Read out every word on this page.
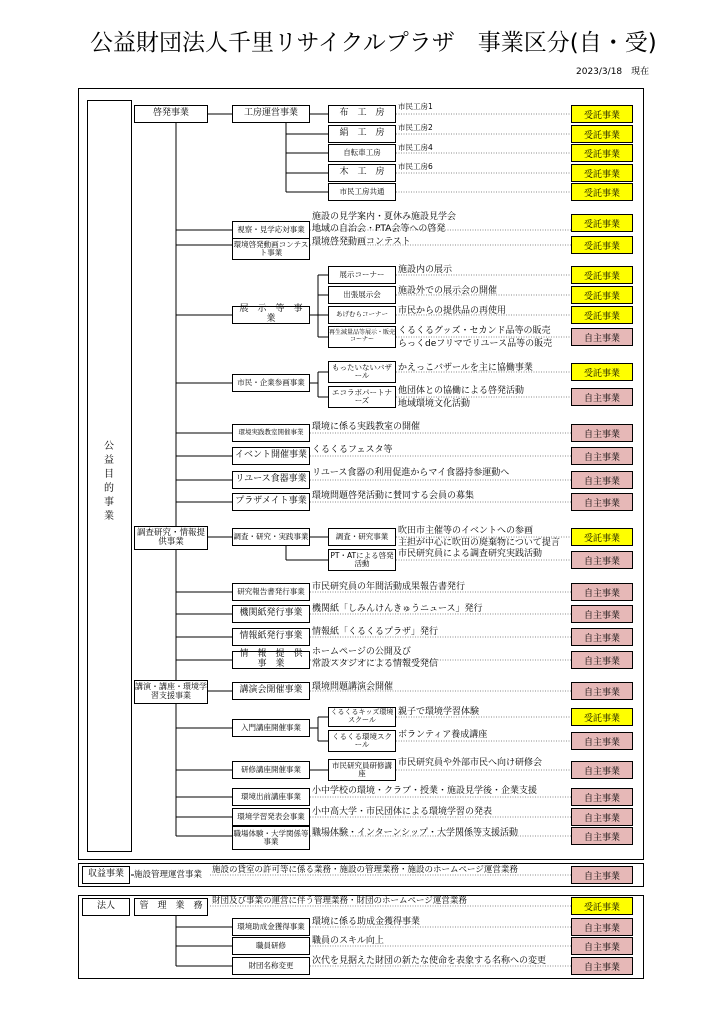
公益財団法人千里リサイクルプラザ　事業区分(自・受)
2023/3/18　現在
公益目的事業
啓発事業
調査研究・情報提供事業
講演・講座・環境学習支援事業
工房運営事業
視察・見学応対事業
環境啓発動画コンテスト事業
展　示　等　事　業
市民・企業参画事業
環境実践教室開催事業
イベント開催事業
リユース食器事業
プラザメイト事業
調査・研究・実践事業
研究報告書発行事業
機関紙発行事業
情報紙発行事業
情　報　提　供　事　業
講演会開催事業
入門講座開催事業
研修講座開催事業
環境出前講座事業
環境学習発表会事業
職場体験・大学関係等事業
布　工　房
絹　工　房
自転車工房
木　工　房
市民工房共通
展示コーナー
出張展示会
あげむらコーナー
再生減量品等展示・販売コーナー
もったいないバザール
エコラボパートナーズ
調査・研究事業
PT・ATによる啓発活動
くるくるキッズ環境スクール
くるくる環境スクール
市民研究員研修講座
市民工房1
市民工房2
市民工房4
市民工房6
施設の見学案内・夏休み施設見学会
地域の自治会・PTA会等への啓発
環境啓発動画コンテスト
施設内の展示
施設外での展示会の開催
市民からの提供品の再使用
くるくるグッズ・セカンド品等の販売
らっくdeフリマでリユース品等の販売
かえっこバザールを主に協働事業
他団体との協働による啓発活動
地域環境文化活動
環境に係る実践教室の開催
くるくるフェスタ等
リユース食器の利用促進からマイ食器持参運動へ
環境問題啓発活動に賛同する会員の募集
吹田市主催等のイベントへの参画
主担が中心に吹田の廃棄物について提言
市民研究員による調査研究実践活動
市民研究員の年間活動成果報告書発行
機関紙「しみんけんきゅうニュース」発行
情報紙「くるくるプラザ」発行
ホームページの公開及び
常設スタジオによる情報受発信
環境問題講演会開催
親子で環境学習体験
ボランティア養成講座
市民研究員や外部市民へ向け研修会
小中学校の環境・クラブ・授業・施設見学後・企業支援
小中高大学・市民団体による環境学習の発表
職場体験・インターンシップ・大学関係等支援活動
収益事業 施設管理運営事業 施設の貸室の許可等に係る業務・施設の管理業務・施設のホームページ運営業務
法人	管　理　業　務
環境助成金獲得事業
職員研修
財団名称変更
財団及び事業の運営に伴う管理業務・財団のホームページ運営業務
環境に係る助成金獲得事業
職員のスキル向上
次代を見据えた財団の新たな使命を表象する名称への変更
受託事業
受託事業
受託事業
受託事業
受託事業
受託事業
受託事業
受託事業
受託事業
受託事業
自主事業
受託事業
自主事業
自主事業
自主事業
自主事業
自主事業
受託事業
自主事業
自主事業
自主事業
自主事業
自主事業
自主事業
受託事業
自主事業
自主事業
自主事業
自主事業
自主事業
自主事業
受託事業
自主事業
自主事業
自主事業
